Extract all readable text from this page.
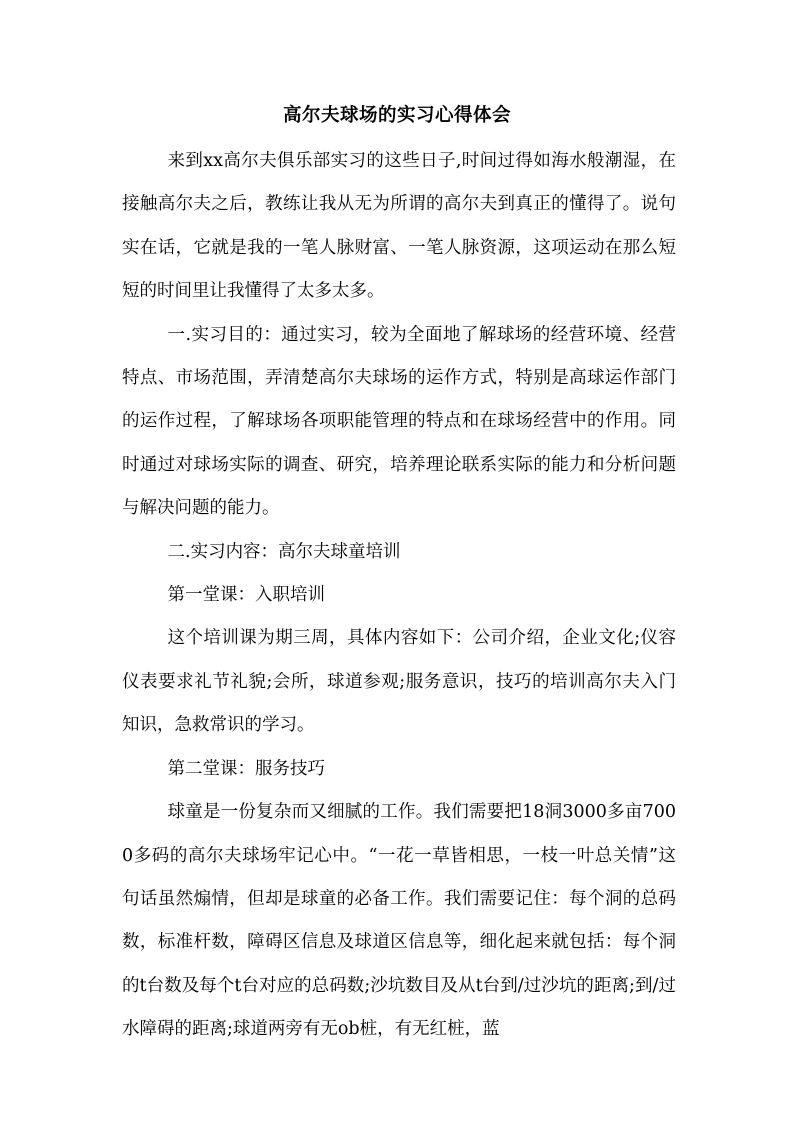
高尔夫球场的实习心得体会

来到xx高尔夫俱乐部实习的这些日子,时间过得如海水般潮湿，在接触高尔夫之后，教练让我从无为所谓的高尔夫到真正的懂得了。说句实在话，它就是我的一笔人脉财富、一笔人脉资源，这项运动在那么短短的时间里让我懂得了太多太多。

一.实习目的：通过实习，较为全面地了解球场的经营环境、经营特点、市场范围，弄清楚高尔夫球场的运作方式，特别是高球运作部门的运作过程，了解球场各项职能管理的特点和在球场经营中的作用。同时通过对球场实际的调查、研究，培养理论联系实际的能力和分析问题与解决问题的能力。

二.实习内容：高尔夫球童培训

第一堂课：入职培训

这个培训课为期三周，具体内容如下：公司介绍，企业文化;仪容仪表要求礼节礼貌;会所，球道参观;服务意识，技巧的培训高尔夫入门知识，急救常识的学习。

第二堂课：服务技巧

球童是一份复杂而又细腻的工作。我们需要把18洞3000多亩7000多码的高尔夫球场牢记心中。“一花一草皆相思，一枝一叶总关情”这句话虽然煽情，但却是球童的必备工作。我们需要记住：每个洞的总码数，标准杆数，障碍区信息及球道区信息等，细化起来就包括：每个洞的t台数及每个t台对应的总码数;沙坑数目及从t台到/过沙坑的距离;到/过水障碍的距离;球道两旁有无ob桩，有无红桩，蓝
